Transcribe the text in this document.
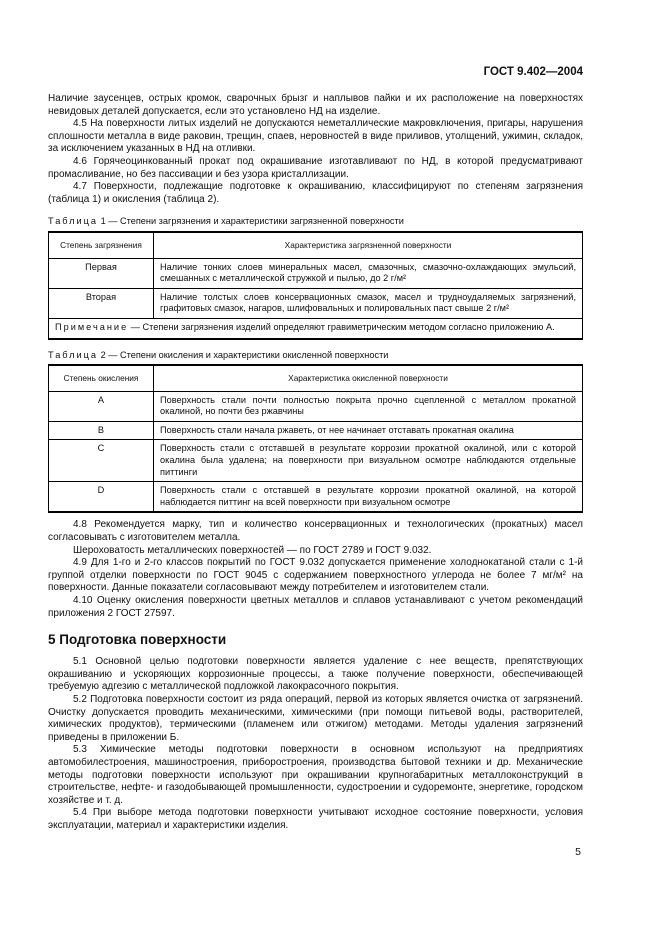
ГОСТ 9.402—2004

Наличие заусенцев, острых кромок, сварочных брызг и наплывов пайки и их расположение на поверхностях невидовых деталей допускается, если это установлено НД на изделие.

4.5 На поверхности литых изделий не допускаются неметаллические макровключения, пригары, нарушения сплошности металла в виде раковин, трещин, спаев, неровностей в виде приливов, утолщений, ужимин, складок, за исключением указанных в НД на отливки.

4.6 Горячеоцинкованный прокат под окрашивание изготавливают по НД, в которой предусматривают промасливание, но без пассивации и без узора кристаллизации.

4.7 Поверхности, подлежащие подготовке к окрашиванию, классифицируют по степеням загрязнения (таблица 1) и окисления (таблица 2).

Таблица 1 — Степени загрязнения и характеристики загрязненной поверхности
Степень загрязнения	Характеристика загрязненной поверхности
Первая	Наличие тонких слоев минеральных масел, смазочных, смазочно-охлаждающих эмульсий, смешанных с металлической стружкой и пылью, до 2 г/м²
Вторая	Наличие толстых слоев консервационных смазок, масел и трудноудаляемых загрязнений, графитовых смазок, нагаров, шлифовальных и полировальных паст свыше 2 г/м²
Примечание — Степени загрязнения изделий определяют гравиметрическим методом согласно приложению А.	
Таблица 2 — Степени окисления и характеристики окисленной поверхности
Степень окисления	Характеристика окисленной поверхности
А	Поверхность стали почти полностью покрыта прочно сцепленной с металлом прокатной окалиной, но почти без ржавчины
В	Поверхность стали начала ржаветь, от нее начинает отставать прокатная окалина
С	Поверхность стали с отставшей в результате коррозии прокатной окалиной, или с которой окалина была удалена; на поверхности при визуальном осмотре наблюдаются отдельные питтинги
D	Поверхность стали с отставшей в результате коррозии прокатной окалиной, на которой наблюдается питтинг на всей поверхности при визуальном осмотре

4.8 Рекомендуется марку, тип и количество консервационных и технологических (прокатных) масел согласовывать с изготовителем металла.

Шероховатость металлических поверхностей — по ГОСТ 2789 и ГОСТ 9.032.

4.9 Для 1-го и 2-го классов покрытий по ГОСТ 9.032 допускается применение холоднокатаной стали с 1-й группой отделки поверхности по ГОСТ 9045 с содержанием поверхностного углерода не более 7 мг/м² на поверхности. Данные показатели согласовывают между потребителем и изготовителем стали.

4.10 Оценку окисления поверхности цветных металлов и сплавов устанавливают с учетом рекомендаций приложения 2 ГОСТ 27597.

5 Подготовка поверхности

5.1 Основной целью подготовки поверхности является удаление с нее веществ, препятствующих окрашиванию и ускоряющих коррозионные процессы, а также получение поверхности, обеспечивающей требуемую адгезию с металлической подложкой лакокрасочного покрытия.

5.2 Подготовка поверхности состоит из ряда операций, первой из которых является очистка от загрязнений. Очистку допускается проводить механическими, химическими (при помощи питьевой воды, растворителей, химических продуктов), термическими (пламенем или отжигом) методами. Методы удаления загрязнений приведены в приложении Б.

5.3 Химические методы подготовки поверхности в основном используют на предприятиях автомобилестроения, машиностроения, приборостроения, производства бытовой техники и др. Механические методы подготовки поверхности используют при окрашивании крупногабаритных металлоконструкций в строительстве, нефте- и газодобывающей промышленности, судостроении и судоремонте, энергетике, городском хозяйстве и т. д.

5.4 При выборе метода подготовки поверхности учитывают исходное состояние поверхности, условия эксплуатации, материал и характеристики изделия.

5
